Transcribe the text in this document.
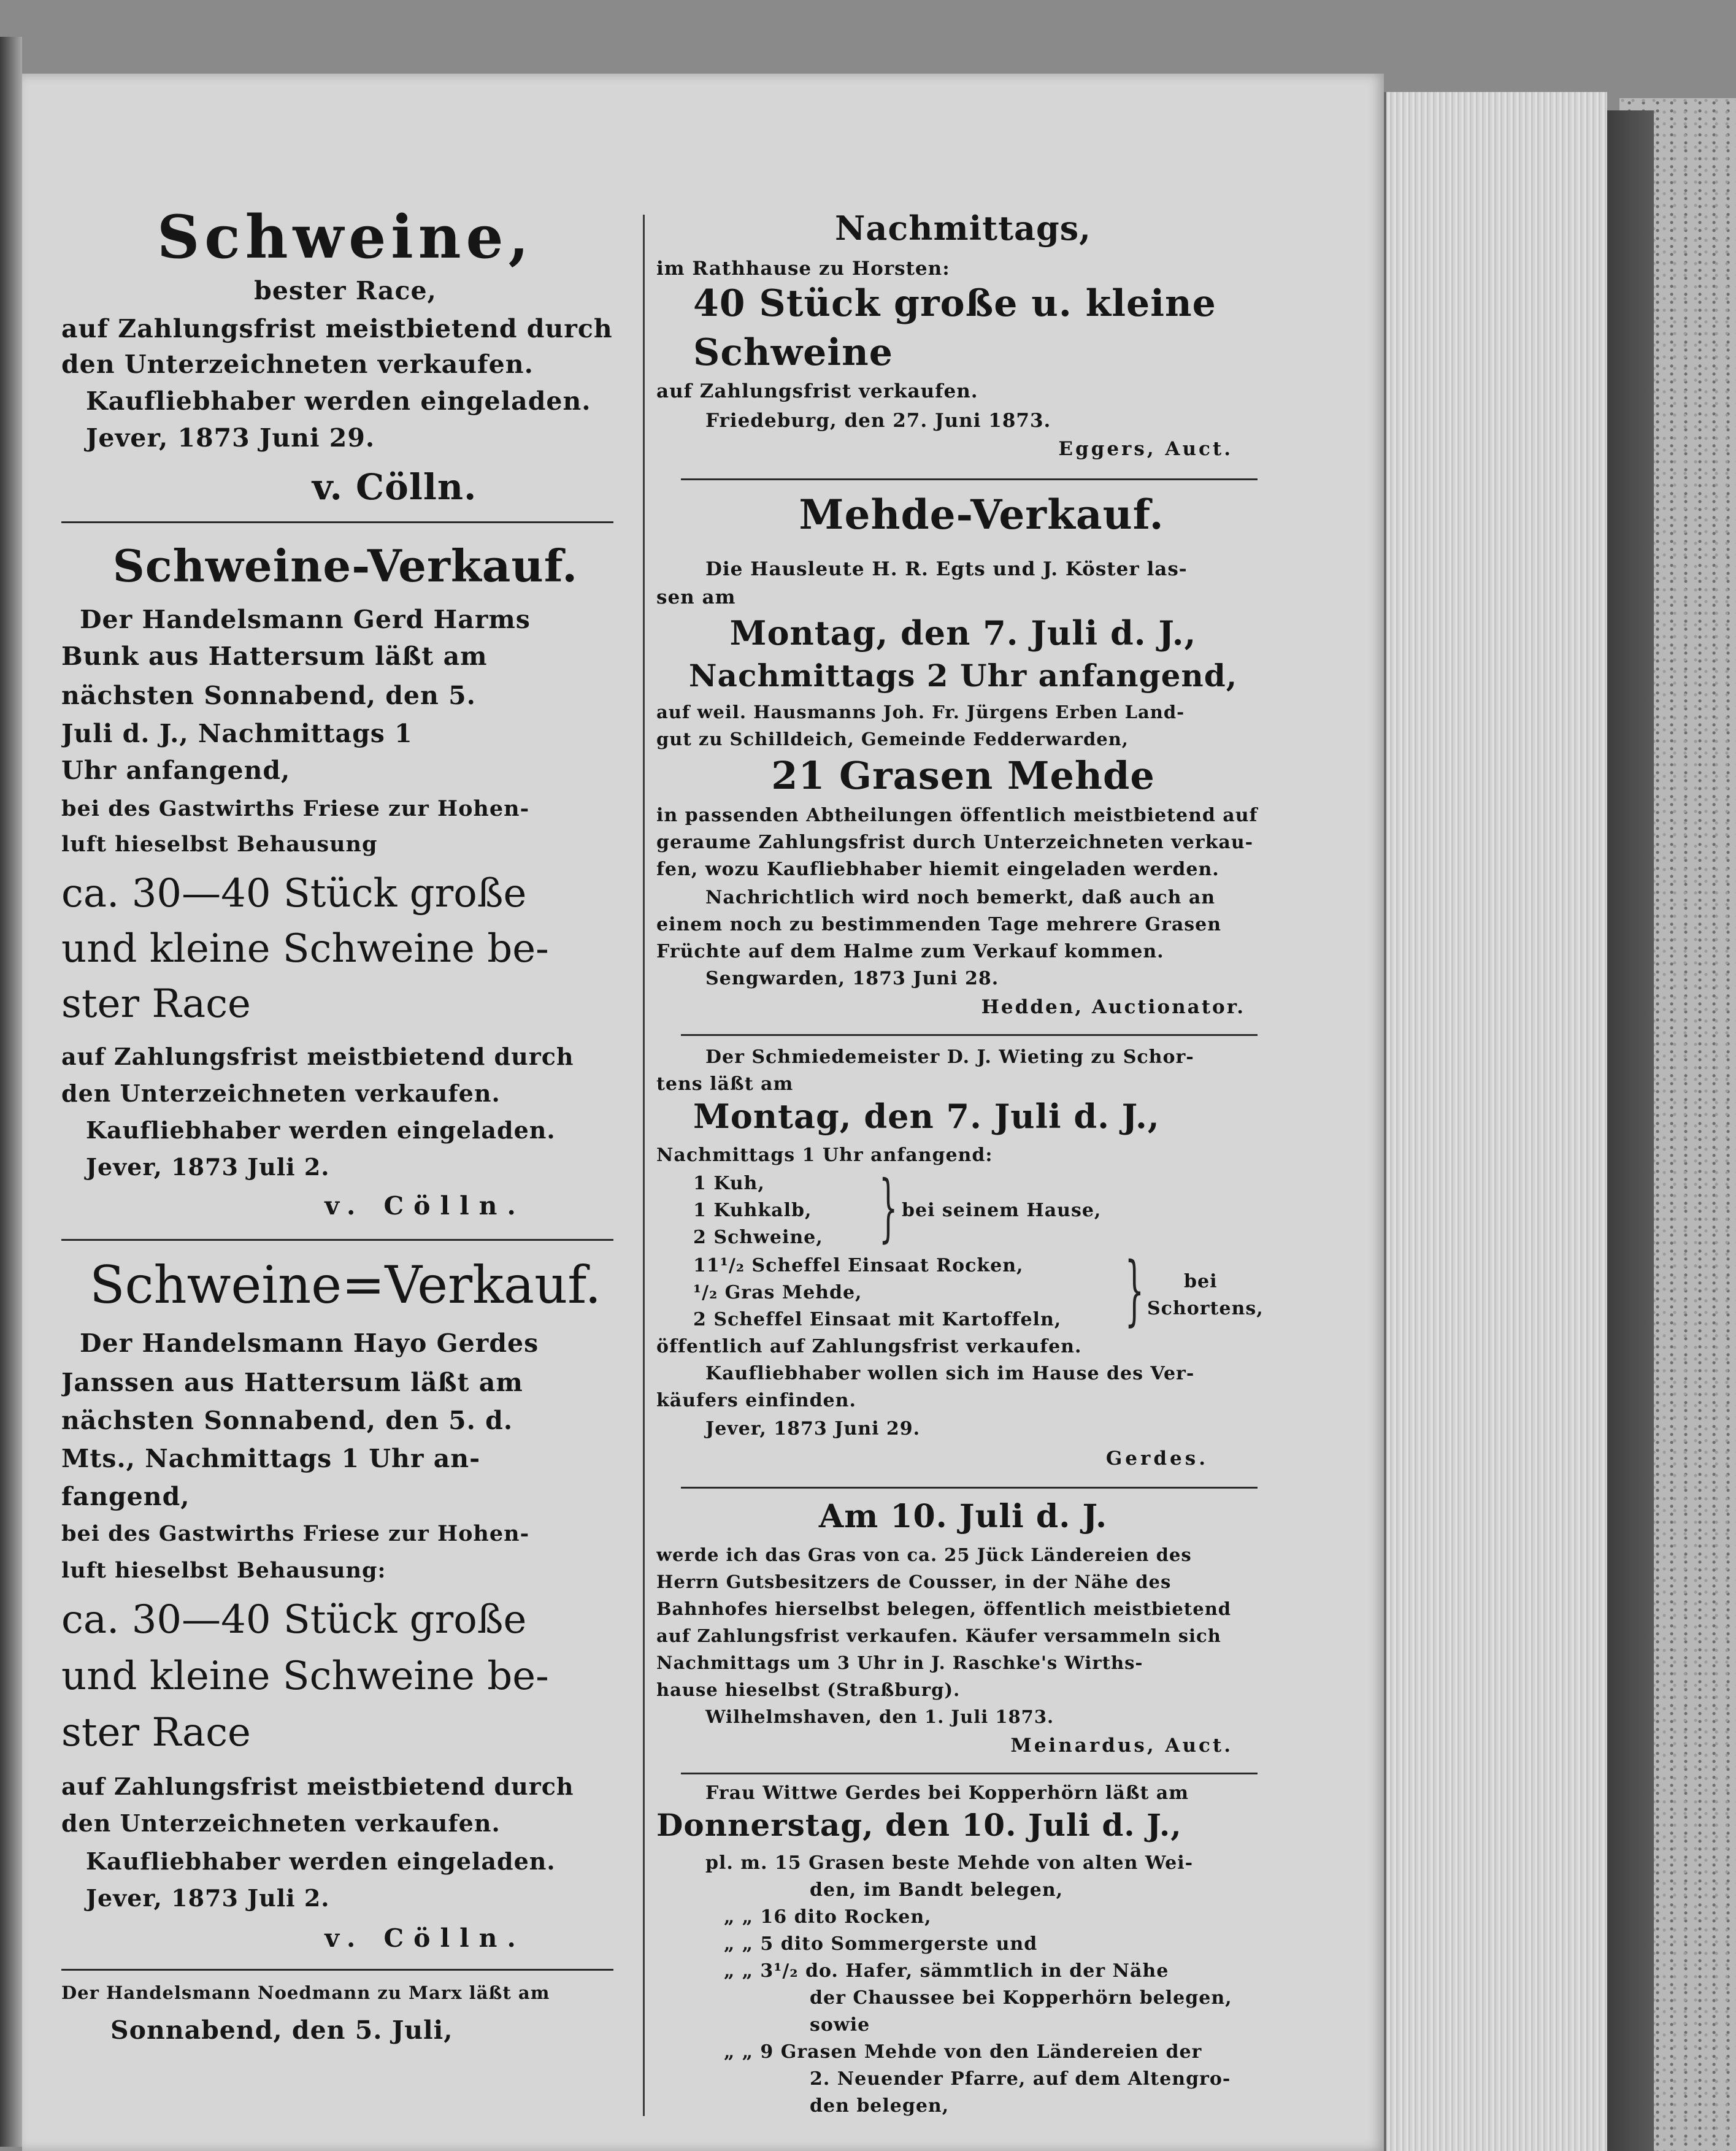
Schweine,
bester Race,
auf Zahlungsfrist meistbietend durch
den Unterzeichneten verkaufen.
Kaufliebhaber werden eingeladen.
Jever, 1873 Juni 29.
v. Cölln.
Schweine-Verkauf.
Der Handelsmann Gerd Harms
Bunk aus Hattersum läßt am
nächsten Sonnabend, den 5.
Juli d. J., Nachmittags 1
Uhr anfangend,
bei des Gastwirths Friese zur Hohen-
luft hieselbst Behausung
ca. 30—40 Stück große
und kleine Schweine be-
ster Race
auf Zahlungsfrist meistbietend durch
den Unterzeichneten verkaufen.
Kaufliebhaber werden eingeladen.
Jever, 1873 Juli 2.
v. Cölln.
Schweine=Verkauf.
Der Handelsmann Hayo Gerdes
Janssen aus Hattersum läßt am
nächsten Sonnabend, den 5. d.
Mts., Nachmittags 1 Uhr an-
fangend,
bei des Gastwirths Friese zur Hohen-
luft hieselbst Behausung:
ca. 30—40 Stück große
und kleine Schweine be-
ster Race
auf Zahlungsfrist meistbietend durch
den Unterzeichneten verkaufen.
Kaufliebhaber werden eingeladen.
Jever, 1873 Juli 2.
v. Cölln.
Der Handelsmann Noedmann zu Marx läßt am
Sonnabend, den 5. Juli,
Nachmittags,
im Rathhause zu Horsten:
40 Stück große u. kleine
Schweine
auf Zahlungsfrist verkaufen.
Friedeburg, den 27. Juni 1873.
Eggers, Auct.
Mehde-Verkauf.
Die Hausleute H. R. Egts und J. Köster las-
sen am
Montag, den 7. Juli d. J.,
Nachmittags 2 Uhr anfangend,
auf weil. Hausmanns Joh. Fr. Jürgens Erben Land-
gut zu Schilldeich, Gemeinde Fedderwarden,
21 Grasen Mehde
in passenden Abtheilungen öffentlich meistbietend auf
geraume Zahlungsfrist durch Unterzeichneten verkau-
fen, wozu Kaufliebhaber hiemit eingeladen werden.
Nachrichtlich wird noch bemerkt, daß auch an
einem noch zu bestimmenden Tage mehrere Grasen
Früchte auf dem Halme zum Verkauf kommen.
Sengwarden, 1873 Juni 28.
Hedden, Auctionator.
Der Schmiedemeister D. J. Wieting zu Schor-
tens läßt am
Montag, den 7. Juli d. J.,
Nachmittags 1 Uhr anfangend:
1 Kuh,
1 Kuhkalb,
2 Schweine, } bei seinem Hause,
11¹/₂ Scheffel Einsaat Rocken,
¹/₂ Gras Mehde,
2 Scheffel Einsaat mit Kartoffeln, } bei
Schortens,
öffentlich auf Zahlungsfrist verkaufen.
Kaufliebhaber wollen sich im Hause des Ver-
käufers einfinden.
Jever, 1873 Juni 29.
Gerdes.
Am 10. Juli d. J.
werde ich das Gras von ca. 25 Jück Ländereien des
Herrn Gutsbesitzers de Cousser, in der Nähe des
Bahnhofes hierselbst belegen, öffentlich meistbietend
auf Zahlungsfrist verkaufen. Käufer versammeln sich
Nachmittags um 3 Uhr in J. Raschke's Wirths-
hause hieselbst (Straßburg).
Wilhelmshaven, den 1. Juli 1873.
Meinardus, Auct.
Frau Wittwe Gerdes bei Kopperhörn läßt am
Donnerstag, den 10. Juli d. J.,
pl. m. 15 Grasen beste Mehde von alten Wei-
den, im Bandt belegen,
„ „ 16 dito Rocken,
„ „ 5 dito Sommergerste und
„ „ 3¹/₂ do. Hafer, sämmtlich in der Nähe
der Chaussee bei Kopperhörn belegen,
sowie
„ „ 9 Grasen Mehde von den Ländereien der
2. Neuender Pfarre, auf dem Altengro-
den belegen,
